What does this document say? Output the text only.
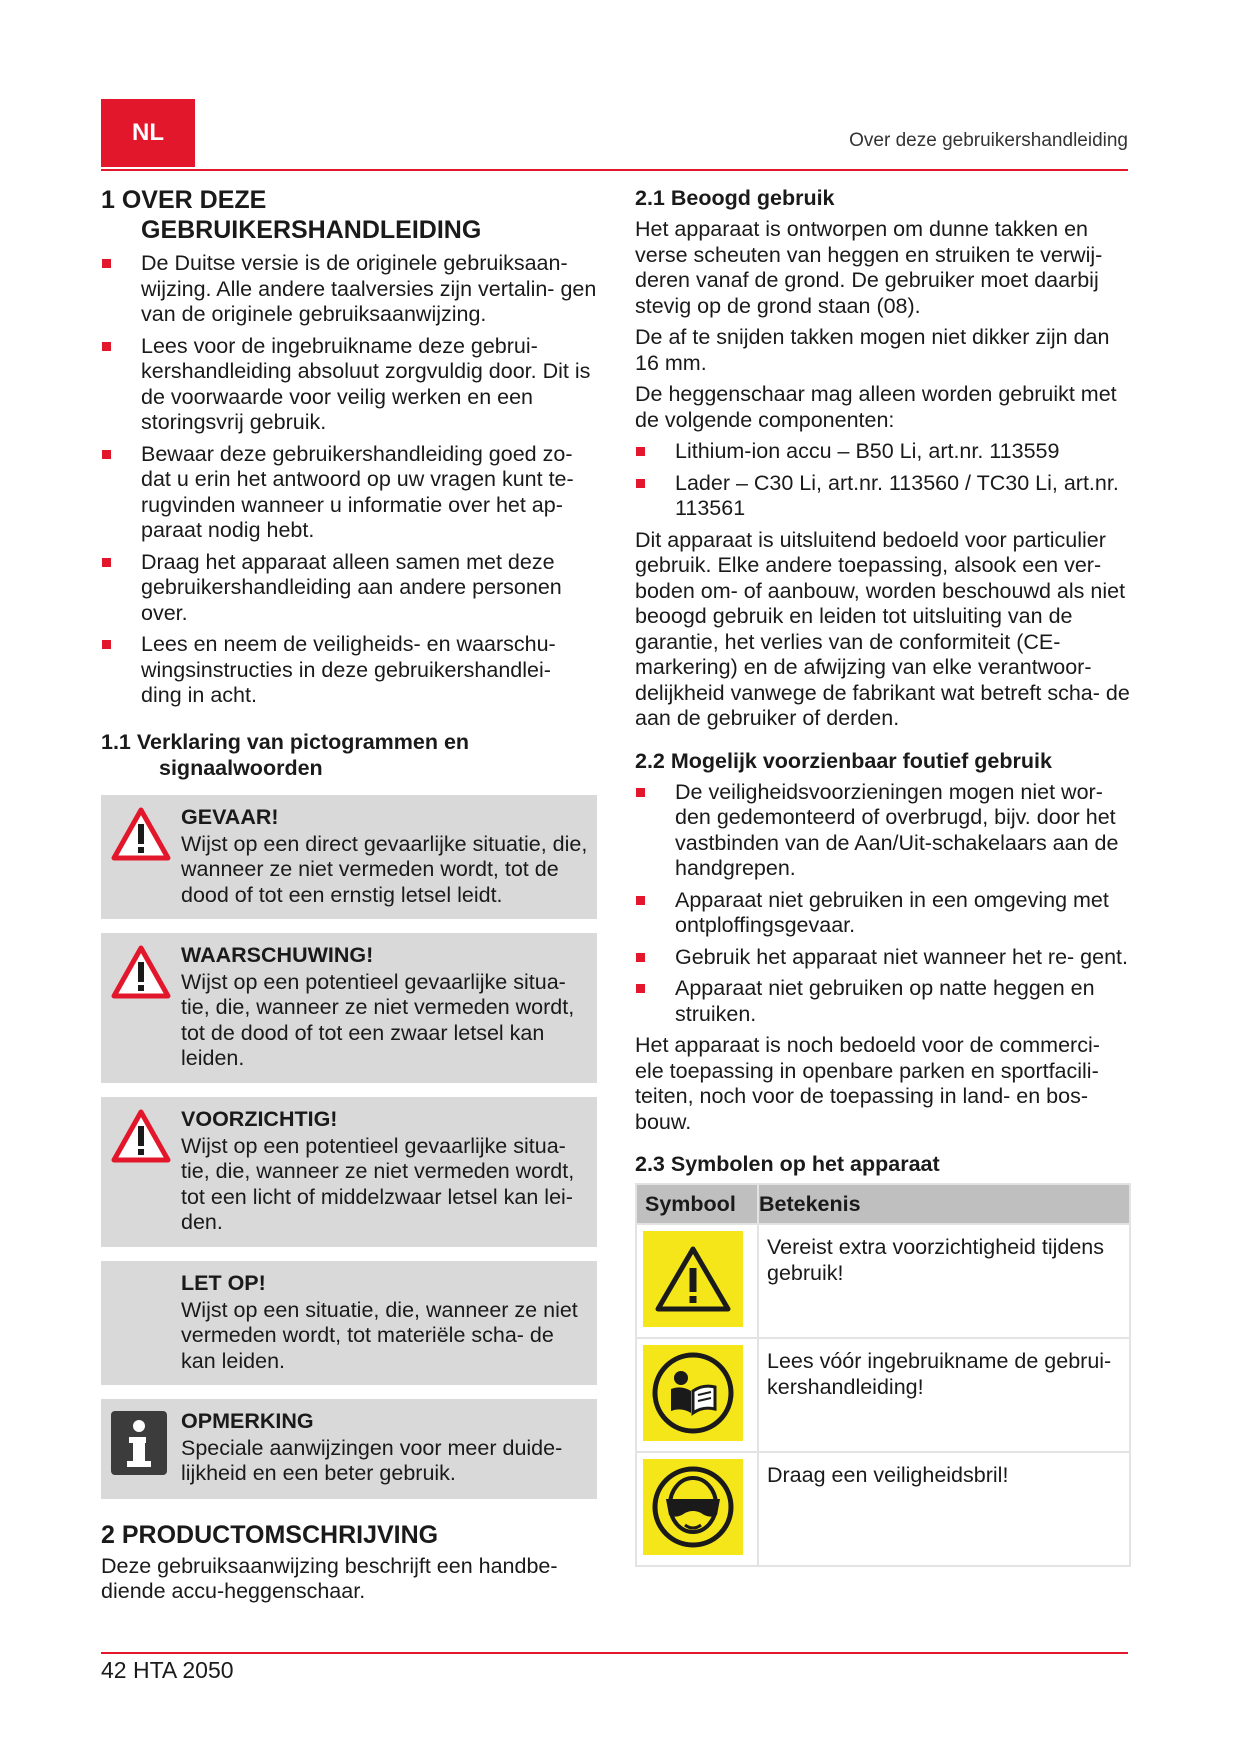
NL	Over deze gebruikershandleiding
1 OVER DEZE
GEBRUIKERSHANDLEIDING
De Duitse versie is de originele gebruiksaan- wijzing. Alle andere taalversies zijn vertalin- gen van de originele gebruiksaanwijzing.
Lees voor de ingebruikname deze gebrui- kershandleiding absoluut zorgvuldig door. Dit is de voorwaarde voor veilig werken en een storingsvrij gebruik.
Bewaar deze gebruikershandleiding goed zo- dat u erin het antwoord op uw vragen kunt te- rugvinden wanneer u informatie over het ap- paraat nodig hebt.
Draag het apparaat alleen samen met deze gebruikershandleiding aan andere personen over.
Lees en neem de veiligheids- en waarschu- wingsinstructies in deze gebruikershandlei- ding in acht.
1.1 Verklaring van pictogrammen en
signaalwoorden
GEVAAR!
Wijst op een direct gevaarlijke situatie, die, wanneer ze niet vermeden wordt, tot de dood of tot een ernstig letsel leidt.
WAARSCHUWING!
Wijst op een potentieel gevaarlijke situa- tie, die, wanneer ze niet vermeden wordt, tot de dood of tot een zwaar letsel kan leiden.
VOORZICHTIG!
Wijst op een potentieel gevaarlijke situa- tie, die, wanneer ze niet vermeden wordt, tot een licht of middelzwaar letsel kan lei- den.
LET OP!
Wijst op een situatie, die, wanneer ze niet vermeden wordt, tot materiële scha- de kan leiden.
OPMERKING
Speciale aanwijzingen voor meer duide- lijkheid en een beter gebruik.
2 PRODUCTOMSCHRIJVING

Deze gebruiksaanwijzing beschrijft een handbe- diende accu-heggenschaar.

2.1 Beoogd gebruik

Het apparaat is ontworpen om dunne takken en verse scheuten van heggen en struiken te verwij- deren vanaf de grond. De gebruiker moet daarbij stevig op de grond staan (08).

De af te snijden takken mogen niet dikker zijn dan 16 mm.

De heggenschaar mag alleen worden gebruikt met de volgende componenten:

Lithium-ion accu – B50 Li, art.nr. 113559
Lader – C30 Li, art.nr. 113560 / TC30 Li, art.nr. 113561

Dit apparaat is uitsluitend bedoeld voor particulier gebruik. Elke andere toepassing, alsook een ver- boden om- of aanbouw, worden beschouwd als niet beoogd gebruik en leiden tot uitsluiting van de garantie, het verlies van de conformiteit (CE- markering) en de afwijzing van elke verantwoor- delijkheid vanwege de fabrikant wat betreft scha- de aan de gebruiker of derden.

2.2 Mogelijk voorzienbaar foutief gebruik
De veiligheidsvoorzieningen mogen niet wor- den gedemonteerd of overbrugd, bijv. door het vastbinden van de Aan/Uit-schakelaars aan de handgrepen.
Apparaat niet gebruiken in een omgeving met ontploffingsgevaar.
Gebruik het apparaat niet wanneer het re- gent.
Apparaat niet gebruiken op natte heggen en struiken.

Het apparaat is noch bedoeld voor de commerci- ele toepassing in openbare parken en sportfacili- teiten, noch voor de toepassing in land- en bos- bouw.

2.3 Symbolen op het apparaat
Symbool	Betekenis

	Vereist extra voorzichtigheid tijdens gebruik!

	Lees vóór ingebruikname de gebrui- kershandleiding!

	Draag een veiligheidsbril!
42 HTA 2050
